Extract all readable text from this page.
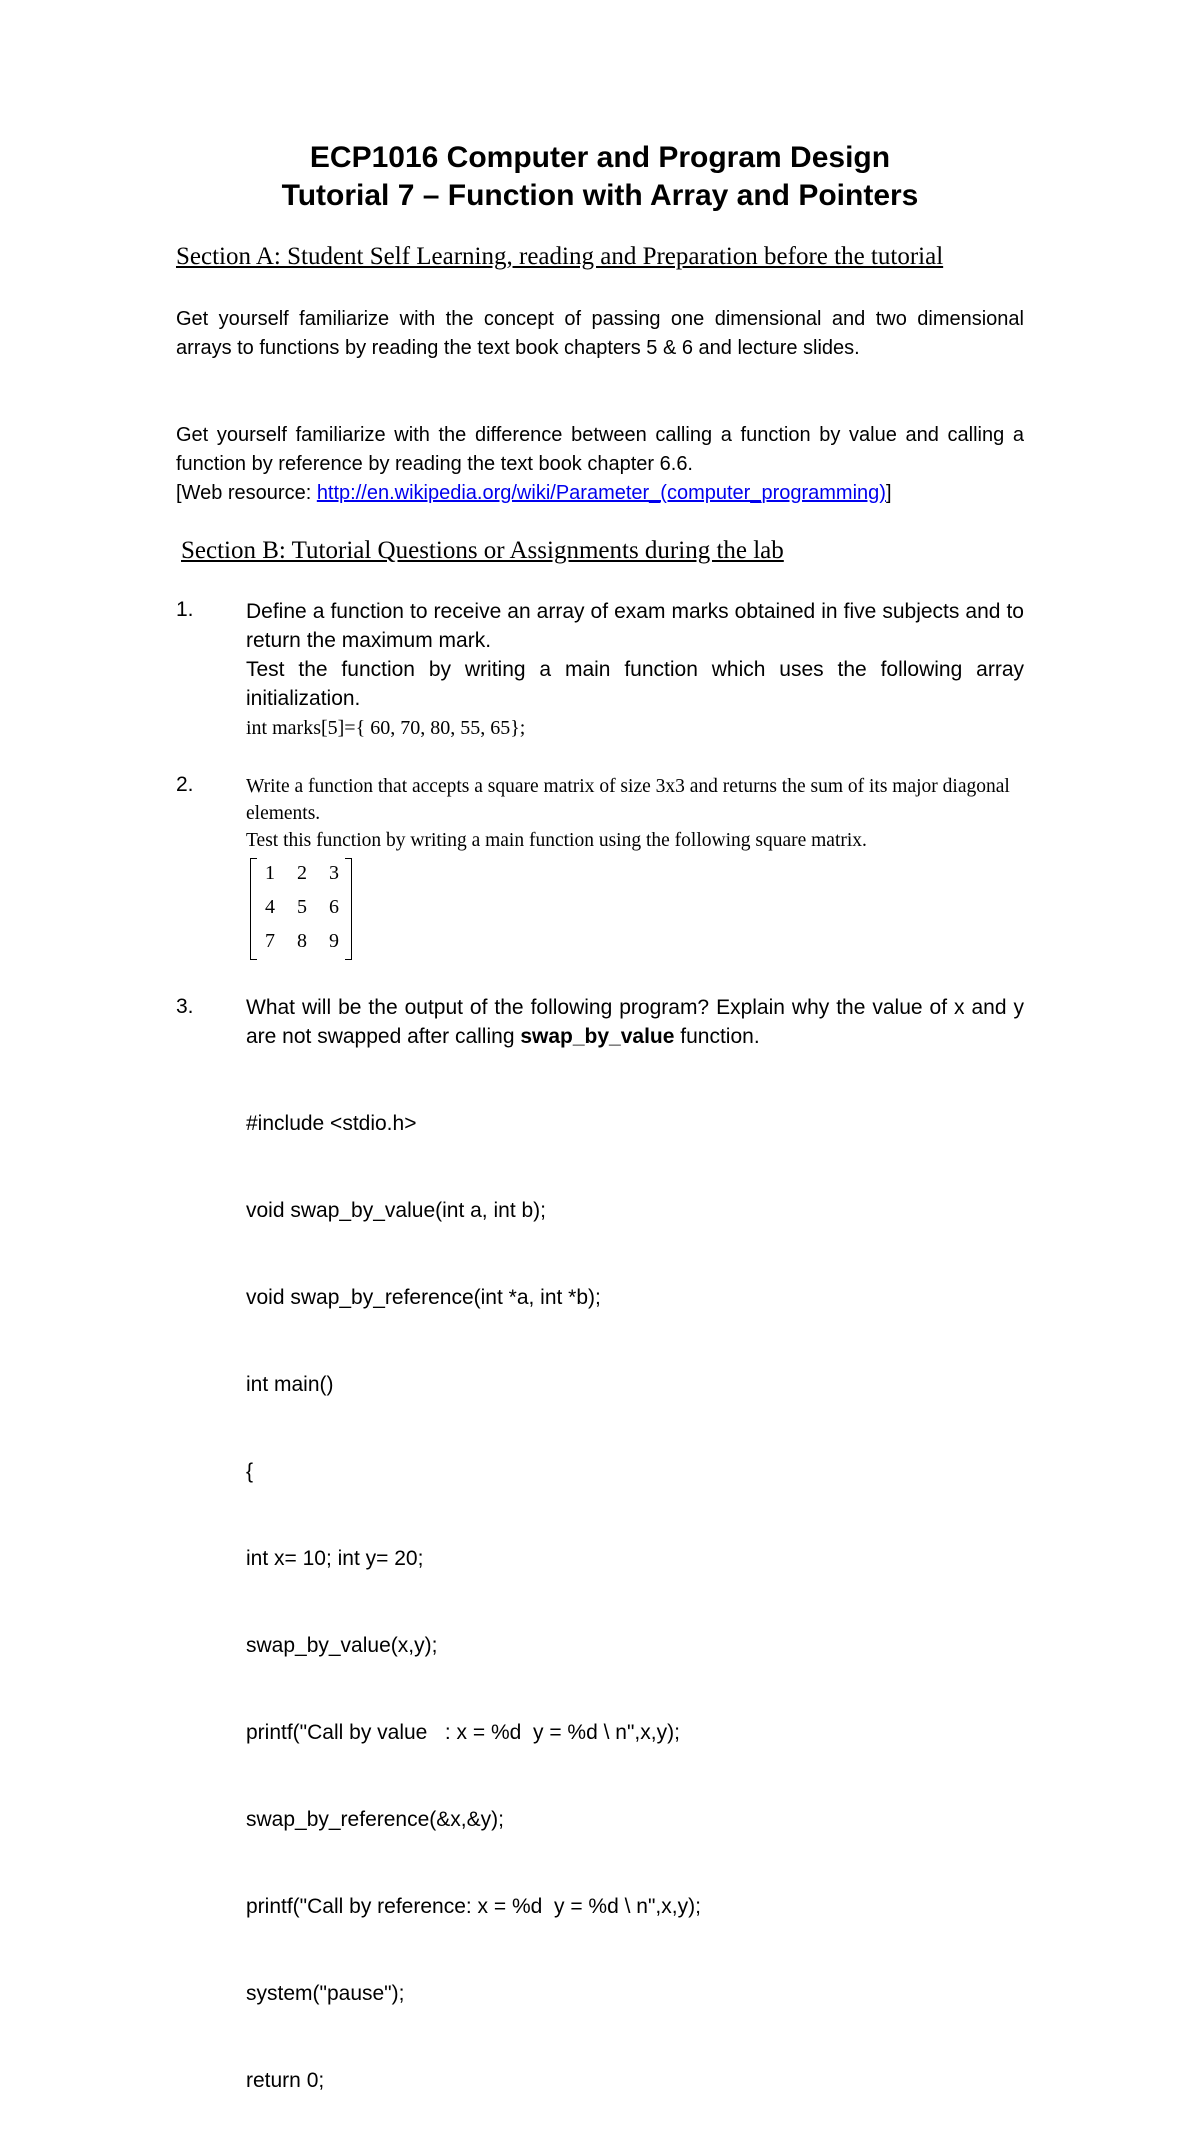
ECP1016 Computer and Program Design
Tutorial 7 – Function with Array and Pointers
Section A: Student Self Learning, reading and Preparation before the tutorial
Get yourself familiarize with the concept of passing one dimensional and two dimensional arrays to functions by reading the text book chapters 5 & 6 and lecture slides.
Get yourself familiarize with the difference between calling a function by value and calling a function by reference by reading the text book chapter 6.6.
[Web resource: http://en.wikipedia.org/wiki/Parameter_(computer_programming)]
Section B: Tutorial Questions or Assignments during the lab
1. Define a function to receive an array of exam marks obtained in five subjects and to return the maximum mark.
Test the function by writing a main function which uses the following array initialization.
int marks[5]={ 60, 70, 80, 55, 65};
2.	Write a function that accepts a square matrix of size 3x3 and returns the sum of its major diagonal elements.
Test this function by writing a main function using the following square matrix.
1 2 3
4 5 6
7 8 9
3. What will be the output of the following program? Explain why the value of x and y are not swapped after calling swap_by_value function.

#include <stdio.h>

void swap_by_value(int a, int b);

void swap_by_reference(int *a, int *b);

int main()

{

int x= 10; int y= 20;

swap_by_value(x,y);

printf("Call by value   : x = %d  y = %d \ n",x,y);

swap_by_reference(&x,&y);

printf("Call by reference: x = %d  y = %d \ n",x,y);

system("pause");

return 0;
